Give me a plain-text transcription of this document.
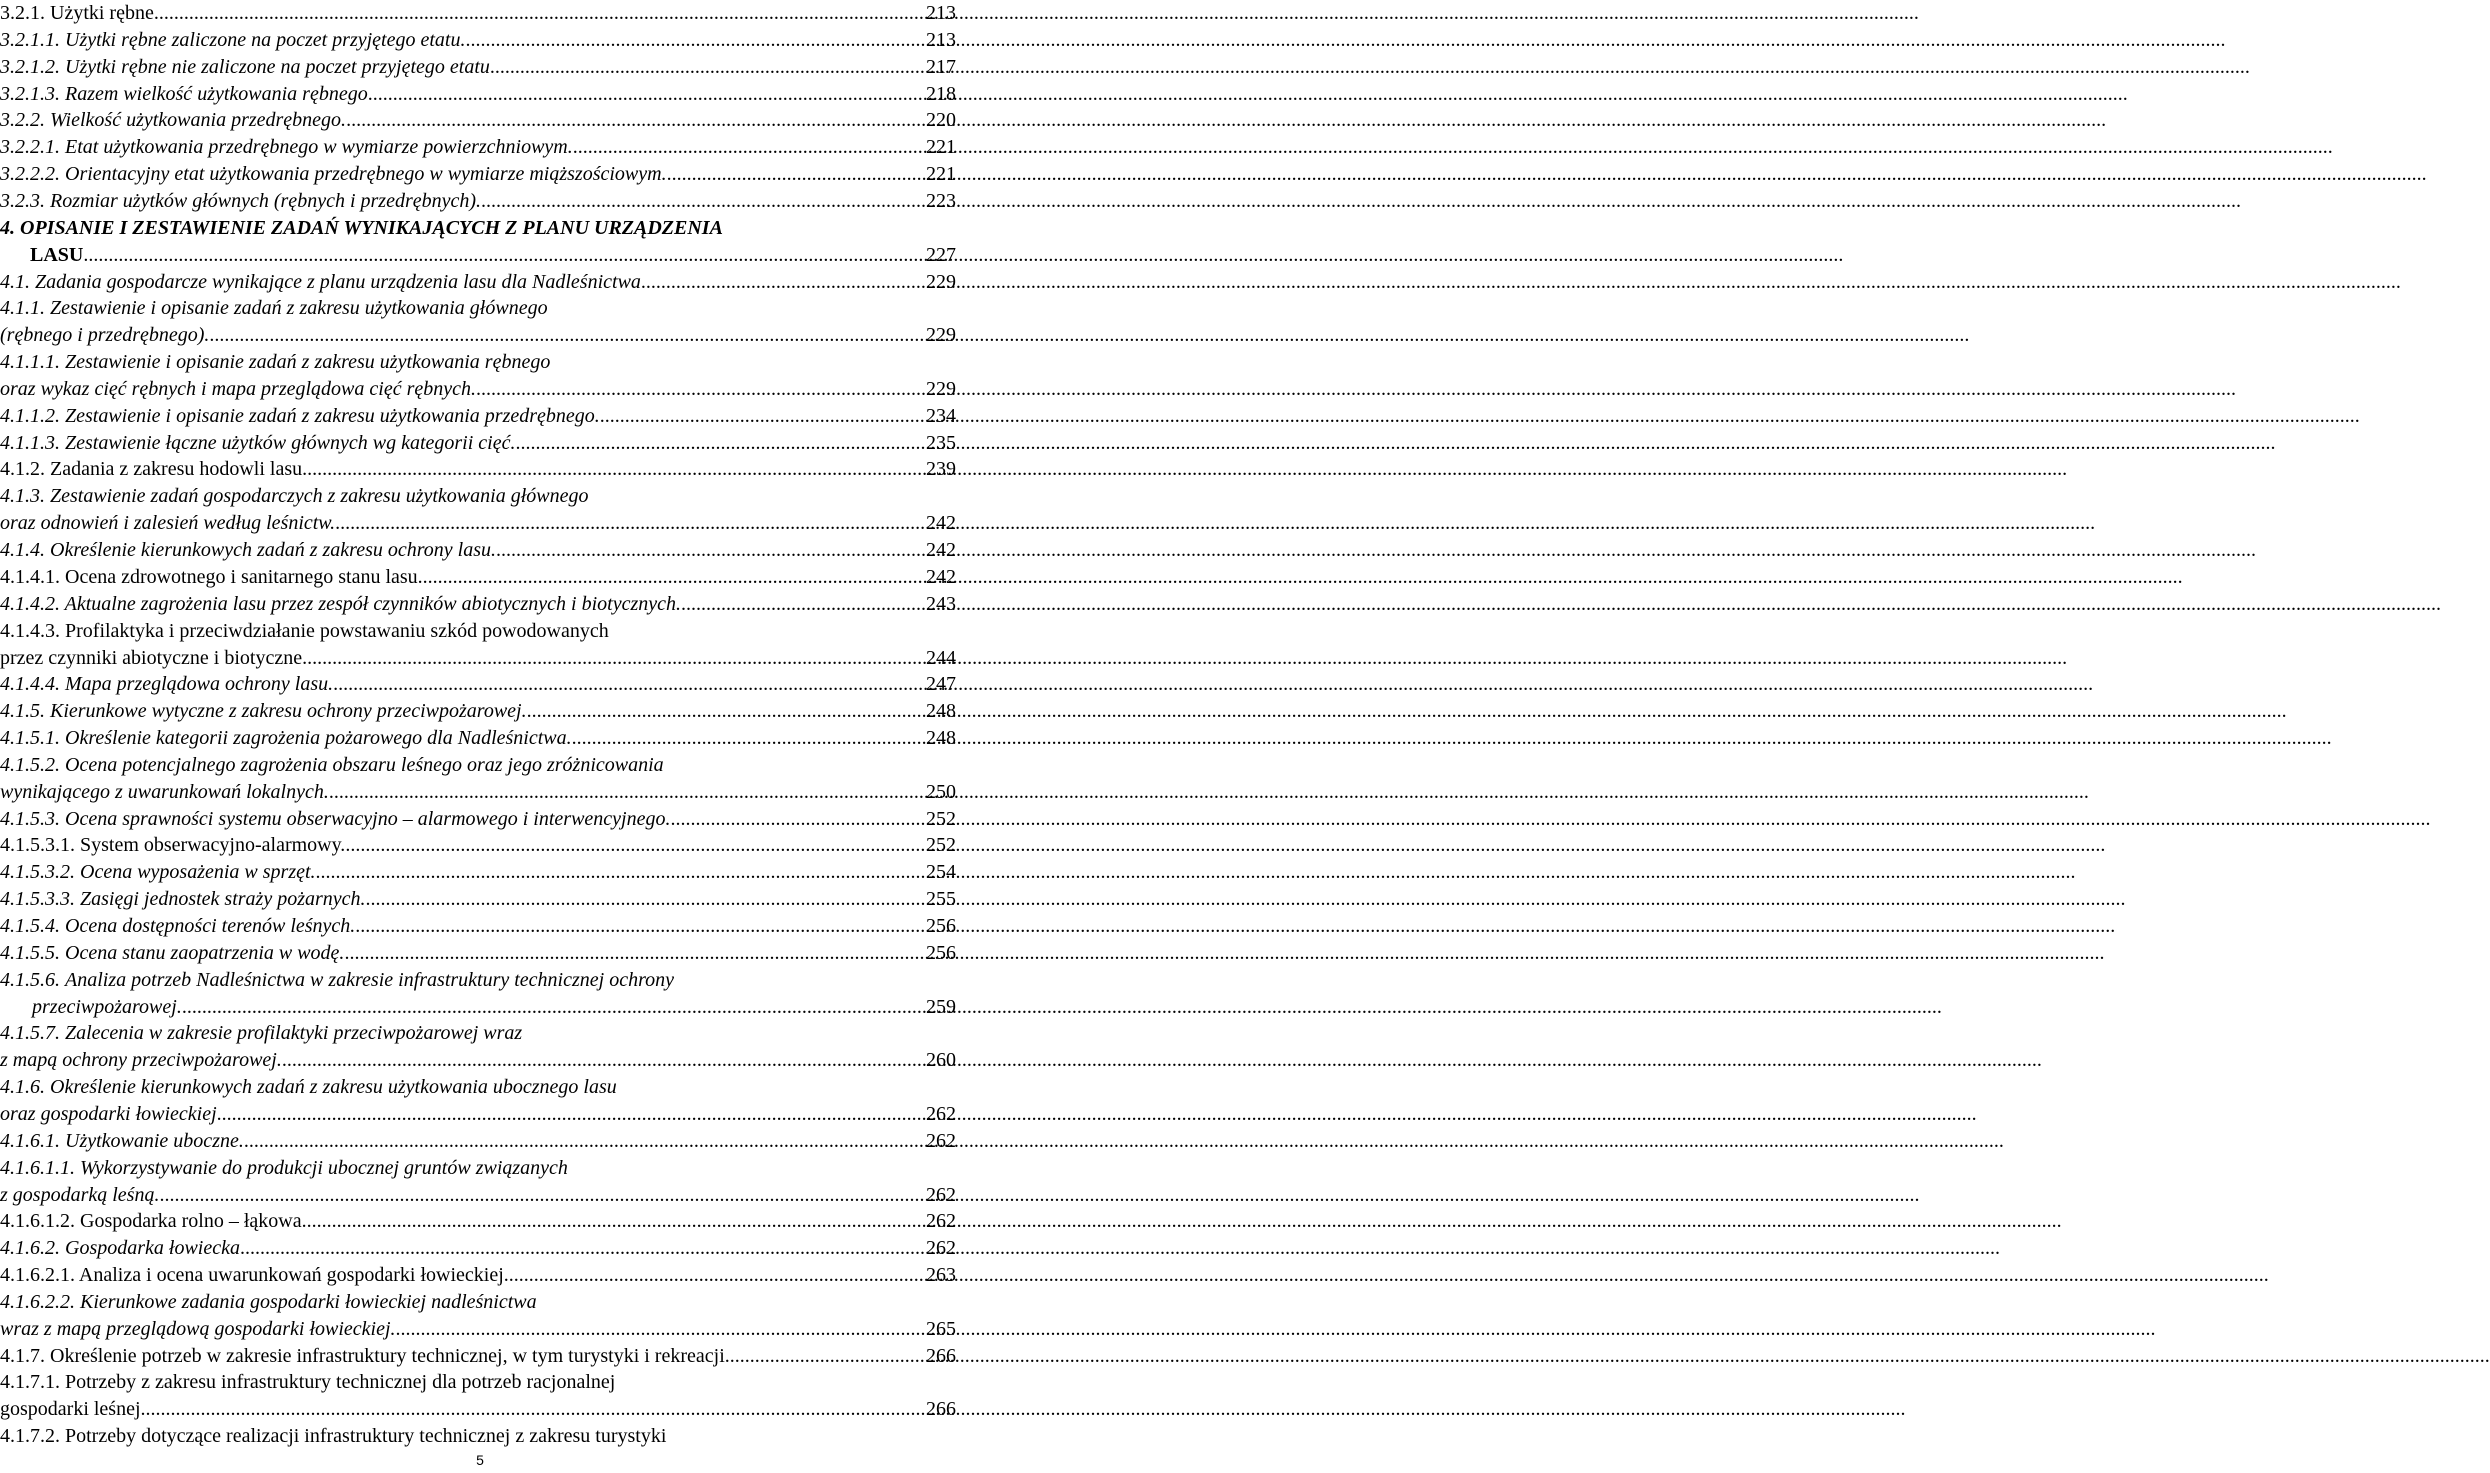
3.2.1. Użytki rębne. .....	213
3.2.1.1. Użytki rębne zaliczone na poczet przyjętego etatu. .....	213
3.2.1.2. Użytki rębne nie zaliczone na poczet przyjętego etatu .....	217
3.2.1.3. Razem wielkość użytkowania rębnego .....	218
3.2.2. Wielkość użytkowania przedrębnego. .....	220
3.2.2.1. Etat użytkowania przedrębnego w wymiarze powierzchniowym. .....	221
3.2.2.2. Orientacyjny etat użytkowania przedrębnego w wymiarze miąższościowym. .....	221
3.2.3. Rozmiar użytków głównych (rębnych i przedrębnych). .....	223
4. OPISANIE I ZESTAWIENIE ZADAŃ WYNIKAJĄCYCH Z PLANU URZĄDZENIA
LASU .....	227
4.1. Zadania gospodarcze wynikające z planu urządzenia lasu dla Nadleśnictwa .....	229
4.1.1. Zestawienie i opisanie zadań z zakresu użytkowania głównego
(rębnego i przedrębnego). .....	229
4.1.1.1. Zestawienie i opisanie zadań z zakresu użytkowania rębnego
oraz wykaz cięć rębnych i mapa przeglądowa cięć rębnych. .....	229
4.1.1.2. Zestawienie i opisanie zadań z zakresu użytkowania przedrębnego. .....	234
4.1.1.3. Zestawienie łączne użytków głównych wg kategorii cięć. .....	235
4.1.2. Zadania z zakresu hodowli lasu. .....	239
4.1.3. Zestawienie zadań gospodarczych z zakresu użytkowania głównego
oraz odnowień i zalesień według leśnictw. .....	242
4.1.4. Określenie kierunkowych zadań z zakresu ochrony lasu. .....	242
4.1.4.1. Ocena zdrowotnego i sanitarnego stanu lasu. .....	242
4.1.4.2. Aktualne zagrożenia lasu przez zespół czynników abiotycznych i biotycznych. .....	243
4.1.4.3. Profilaktyka i przeciwdziałanie powstawaniu szkód powodowanych
przez czynniki abiotyczne i biotyczne. .....	244
4.1.4.4. Mapa przeglądowa ochrony lasu. .....	247
4.1.5. Kierunkowe wytyczne z zakresu ochrony przeciwpożarowej. .....	248
4.1.5.1. Określenie kategorii zagrożenia pożarowego dla Nadleśnictwa. .....	248
4.1.5.2. Ocena potencjalnego zagrożenia obszaru leśnego oraz jego zróżnicowania
wynikającego z uwarunkowań lokalnych. .....	250
4.1.5.3. Ocena sprawności systemu obserwacyjno – alarmowego i interwencyjnego. .....	252
4.1.5.3.1. System obserwacyjno-alarmowy. .....	252
4.1.5.3.2. Ocena wyposażenia w sprzęt. .....	254
4.1.5.3.3. Zasięgi jednostek straży pożarnych. .....	255
4.1.5.4. Ocena dostępności terenów leśnych. .....	256
4.1.5.5. Ocena stanu zaopatrzenia w wodę. .....	256
4.1.5.6. Analiza potrzeb Nadleśnictwa w zakresie infrastruktury technicznej ochrony
przeciwpożarowej. .....	259
4.1.5.7. Zalecenia w zakresie profilaktyki przeciwpożarowej wraz
z mapą ochrony przeciwpożarowej. .....	260
4.1.6. Określenie kierunkowych zadań z zakresu użytkowania ubocznego lasu
oraz gospodarki łowieckiej .....	262
4.1.6.1. Użytkowanie uboczne. .....	262
4.1.6.1.1. Wykorzystywanie do produkcji ubocznej gruntów związanych
z gospodarką leśną. .....	262
4.1.6.1.2. Gospodarka rolno – łąkowa .....	262
4.1.6.2. Gospodarka łowiecka .....	262
4.1.6.2.1. Analiza i ocena uwarunkowań gospodarki łowieckiej. .....	263
4.1.6.2.2. Kierunkowe zadania gospodarki łowieckiej nadleśnictwa
wraz z mapą przeglądową gospodarki łowieckiej. .....	265
4.1.7. Określenie potrzeb w zakresie infrastruktury technicznej, w tym turystyki i rekreacji. .....	266
4.1.7.1. Potrzeby z zakresu infrastruktury technicznej dla potrzeb racjonalnej
gospodarki leśnej. .....	266
4.1.7.2. Potrzeby dotyczące realizacji infrastruktury technicznej z zakresu turystyki
5
